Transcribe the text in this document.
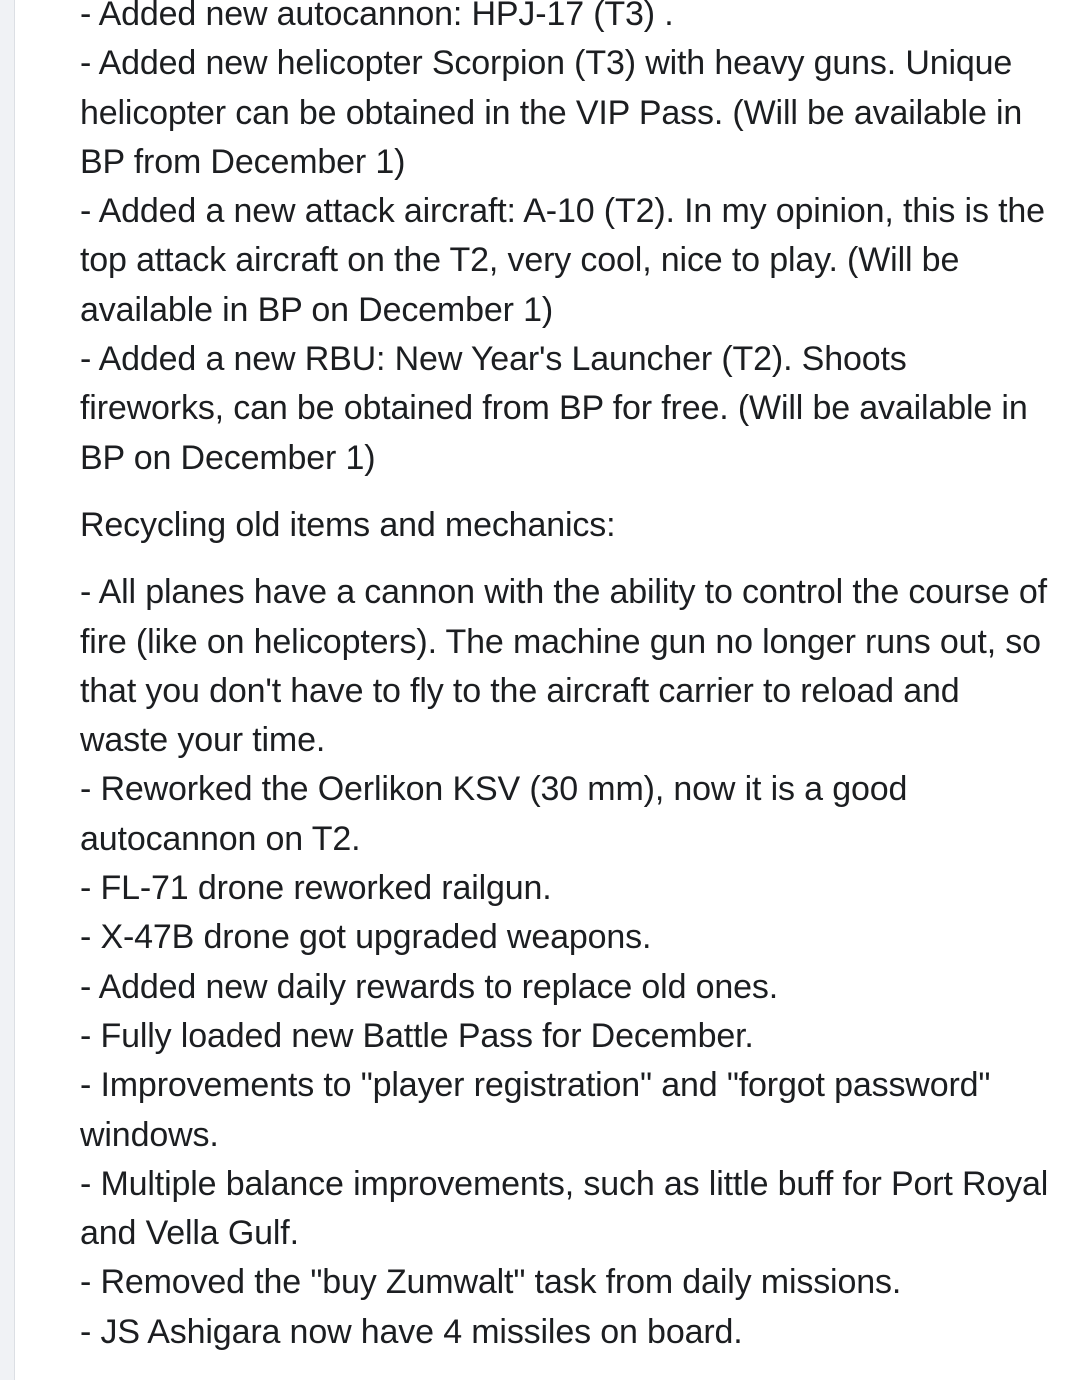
- Added new autocannon: HPJ-17 (T3) .

- Added new helicopter Scorpion (T3) with heavy guns. Unique helicopter can be obtained in the VIP Pass. (Will be available in BP from December 1)

- Added a new attack aircraft: A-10 (T2). In my opinion, this is the top attack aircraft on the T2, very cool, nice to play. (Will be available in BP on December 1)

- Added a new RBU: New Year's Launcher (T2). Shoots fireworks, can be obtained from BP for free. (Will be available in BP on December 1)

Recycling old items and mechanics:

- All planes have a cannon with the ability to control the course of fire (like on helicopters). The machine gun no longer runs out, so that you don't have to fly to the aircraft carrier to reload and waste your time.

- Reworked the Oerlikon KSV (30 mm), now it is a good autocannon on T2.

- FL-71 drone reworked railgun.

- X-47B drone got upgraded weapons.

- Added new daily rewards to replace old ones.

- Fully loaded new Battle Pass for December.

- Improvements to "player registration" and "forgot password" windows.

- Multiple balance improvements, such as little buff for Port Royal and Vella Gulf.

- Removed the "buy Zumwalt" task from daily missions.

- JS Ashigara now have 4 missiles on board.
